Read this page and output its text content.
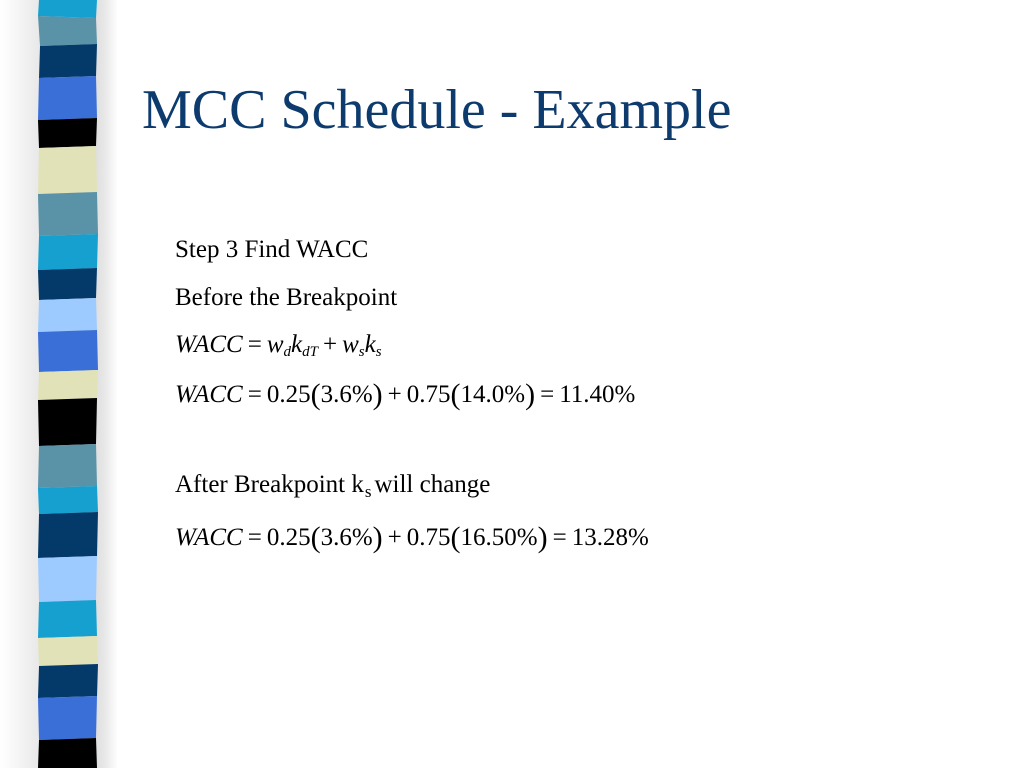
MCC Schedule - Example
Step 3 Find WACC
Before the Breakpoint
WACC = $w_dk_{dT} + w_sk_s$
WACC = 0.25(3.6%) + 0.75(14.0%) = 11.40%
After Breakpoint $k_s$ will change
WACC = 0.25(3.6%) + 0.75(16.50%) = 13.28%
